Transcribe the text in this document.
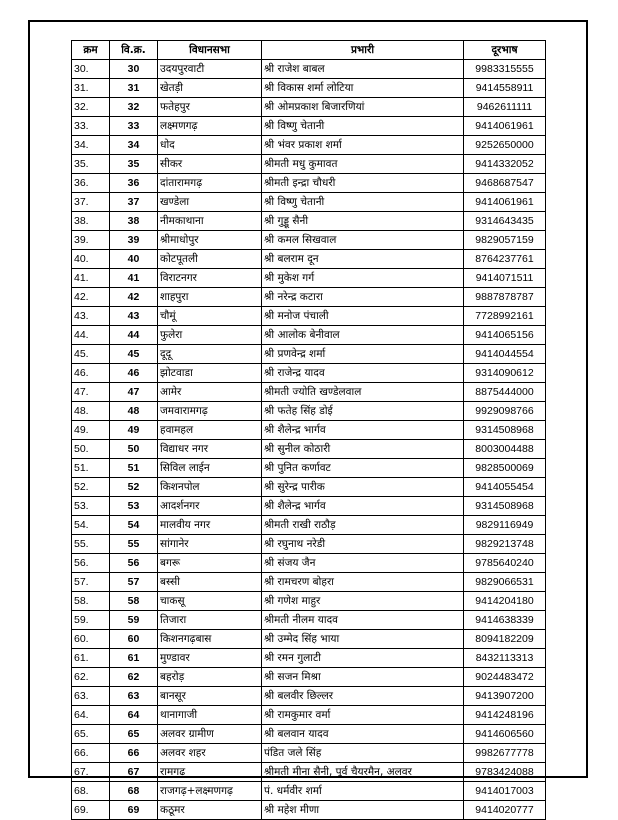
क्रम	वि.क्र.	विधानसभा	प्रभारी	दूरभाष
30.	30	उदयपुरवाटी	श्री राजेश बाबल	9983315555
31.	31	खेतड़ी	श्री विकास शर्मा लोटिया	9414558911
32.	32	फतेहपुर	श्री ओमप्रकाश बिजारणियां	9462611111
33.	33	लक्ष्मणगढ़	श्री विष्णु चेतानी	9414061961
34.	34	धोद	श्री भंवर प्रकाश शर्मा	9252650000
35.	35	सीकर	श्रीमती मधु कुमावत	9414332052
36.	36	दांतारामगढ़	श्रीमती इन्द्रा चौधरी	9468687547
37.	37	खण्डेला	श्री विष्णु चेतानी	9414061961
38.	38	नीमकाथाना	श्री गुड्डू सैनी	9314643435
39.	39	श्रीमाधोपुर	श्री कमल सिखवाल	9829057159
40.	40	कोटपूतली	श्री बलराम दून	8764237761
41.	41	विराटनगर	श्री मुकेश गर्ग	9414071511
42.	42	शाहपुरा	श्री नरेन्द्र कटारा	9887878787
43.	43	चौमूं	श्री मनोज पंचाली	7728992161
44.	44	फुलेरा	श्री आलोक बेनीवाल	9414065156
45.	45	दूदू	श्री प्रणवेन्द्र शर्मा	9414044554
46.	46	झोटवाडा	श्री राजेन्द्र यादव	9314090612
47.	47	आमेर	श्रीमती ज्योति खण्डेलवाल	8875444000
48.	48	जमवारामगढ़	श्री फतेह सिंह डोई	9929098766
49.	49	हवामहल	श्री शैलेन्द्र भार्गव	9314508968
50.	50	विद्याधर नगर	श्री सुनील कोठारी	8003004488
51.	51	सिविल लाईन	श्री पुनित कर्णावट	9828500069
52.	52	किशनपोल	श्री सुरेन्द्र पारीक	9414055454
53.	53	आदर्शनगर	श्री शैलेन्द्र भार्गव	9314508968
54.	54	मालवीय नगर	श्रीमती राखी राठौड़	9829116949
55.	55	सांगानेर	श्री रघुनाथ नरेडी	9829213748
56.	56	बगरू	श्री संजय जैन	9785640240
57.	57	बस्सी	श्री रामचरण बोहरा	9829066531
58.	58	चाकसू	श्री गणेश माहुर	9414204180
59.	59	तिजारा	श्रीमती नीलम यादव	9414638339
60.	60	किशनगढ़बास	श्री उम्मेद सिंह भाया	8094182209
61.	61	मुण्डावर	श्री रमन गुलाटी	8432113313
62.	62	बहरोड़	श्री सजन मिश्रा	9024483472
63.	63	बानसूर	श्री बलवीर छिल्लर	9413907200
64.	64	थानागाजी	श्री रामकुमार वर्मा	9414248196
65.	65	अलवर ग्रामीण	श्री बलवान यादव	9414606560
66.	66	अलवर शहर	पंडित जले सिंह	9982677778
67.	67	रामगढ़	श्रीमती मीना सैनी, पूर्व चैयरमैन, अलवर	9783424088
68.	68	राजगढ़+लक्ष्मणगढ़	पं. धर्मवीर शर्मा	9414017003
69.	69	कठूमर	श्री महेश मीणा	9414020777
